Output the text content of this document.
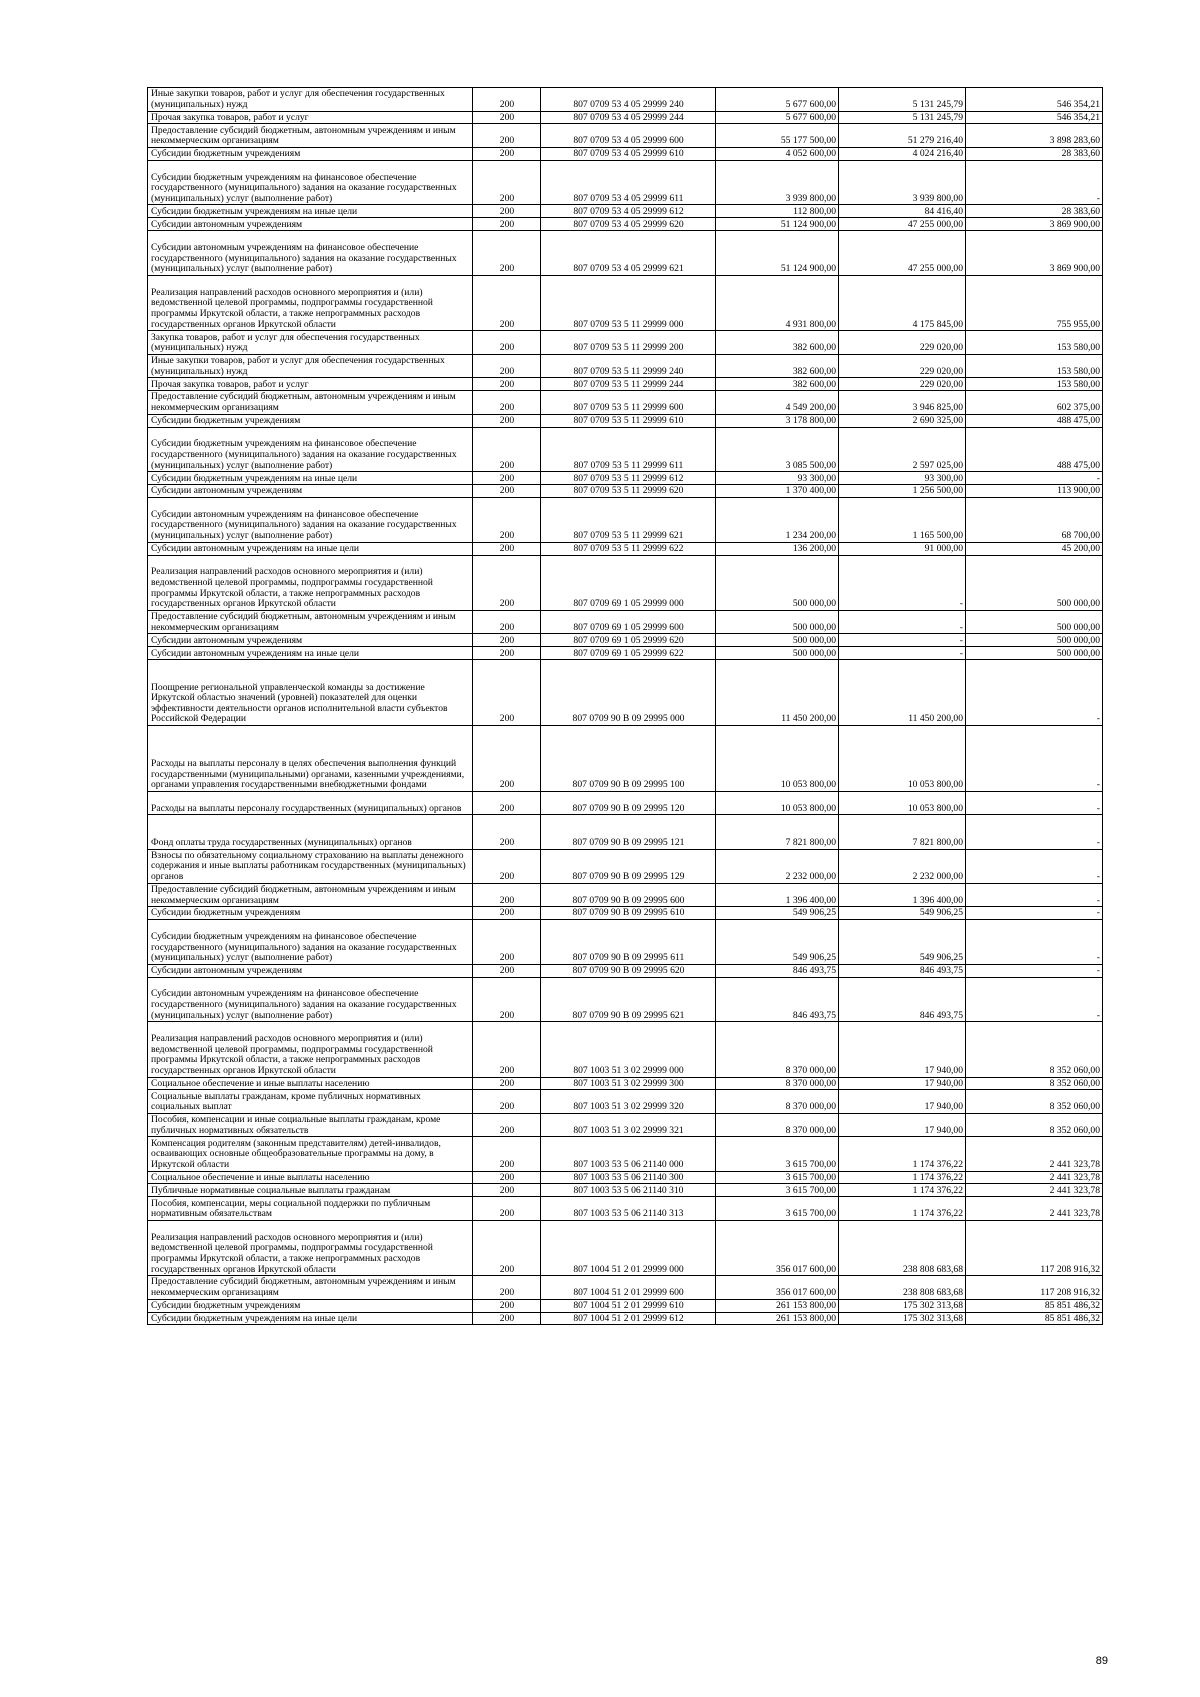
Иные закупки товаров, работ и услуг для обеспечения государственных (муниципальных) нужд	200	807 0709 53 4 05 29999 240	5 677 600,00	5 131 245,79	546 354,21
Прочая закупка товаров, работ и услуг	200	807 0709 53 4 05 29999 244	5 677 600,00	5 131 245,79	546 354,21
Предоставление субсидий бюджетным, автономным учреждениям и иным некоммерческим организациям	200	807 0709 53 4 05 29999 600	55 177 500,00	51 279 216,40	3 898 283,60
Субсидии бюджетным учреждениям	200	807 0709 53 4 05 29999 610	4 052 600,00	4 024 216,40	28 383,60
Субсидии бюджетным учреждениям на финансовое обеспечение государственного (муниципального) задания на оказание государственных (муниципальных) услуг (выполнение работ)	200	807 0709 53 4 05 29999 611	3 939 800,00	3 939 800,00	-
Субсидии бюджетным учреждениям на иные цели	200	807 0709 53 4 05 29999 612	112 800,00	84 416,40	28 383,60
Субсидии автономным учреждениям	200	807 0709 53 4 05 29999 620	51 124 900,00	47 255 000,00	3 869 900,00
Субсидии автономным учреждениям на финансовое обеспечение государственного (муниципального) задания на оказание государственных (муниципальных) услуг (выполнение работ)	200	807 0709 53 4 05 29999 621	51 124 900,00	47 255 000,00	3 869 900,00
Реализация направлений расходов основного мероприятия и (или) ведомственной целевой программы, подпрограммы государственной программы Иркутской области, а также непрограммных расходов государственных органов Иркутской области	200	807 0709 53 5 11 29999 000	4 931 800,00	4 175 845,00	755 955,00
Закупка товаров, работ и услуг для обеспечения государственных (муниципальных) нужд	200	807 0709 53 5 11 29999 200	382 600,00	229 020,00	153 580,00
Иные закупки товаров, работ и услуг для обеспечения государственных (муниципальных) нужд	200	807 0709 53 5 11 29999 240	382 600,00	229 020,00	153 580,00
Прочая закупка товаров, работ и услуг	200	807 0709 53 5 11 29999 244	382 600,00	229 020,00	153 580,00
Предоставление субсидий бюджетным, автономным учреждениям и иным некоммерческим организациям	200	807 0709 53 5 11 29999 600	4 549 200,00	3 946 825,00	602 375,00
Субсидии бюджетным учреждениям	200	807 0709 53 5 11 29999 610	3 178 800,00	2 690 325,00	488 475,00
Субсидии бюджетным учреждениям на финансовое обеспечение государственного (муниципального) задания на оказание государственных (муниципальных) услуг (выполнение работ)	200	807 0709 53 5 11 29999 611	3 085 500,00	2 597 025,00	488 475,00
Субсидии бюджетным учреждениям на иные цели	200	807 0709 53 5 11 29999 612	93 300,00	93 300,00	-
Субсидии автономным учреждениям	200	807 0709 53 5 11 29999 620	1 370 400,00	1 256 500,00	113 900,00
Субсидии автономным учреждениям на финансовое обеспечение государственного (муниципального) задания на оказание государственных (муниципальных) услуг (выполнение работ)	200	807 0709 53 5 11 29999 621	1 234 200,00	1 165 500,00	68 700,00
Субсидии автономным учреждениям на иные цели	200	807 0709 53 5 11 29999 622	136 200,00	91 000,00	45 200,00
Реализация направлений расходов основного мероприятия и (или) ведомственной целевой программы, подпрограммы государственной программы Иркутской области, а также непрограммных расходов государственных органов Иркутской области	200	807 0709 69 1 05 29999 000	500 000,00	-	500 000,00
Предоставление субсидий бюджетным, автономным учреждениям и иным некоммерческим организациям	200	807 0709 69 1 05 29999 600	500 000,00	-	500 000,00
Субсидии автономным учреждениям	200	807 0709 69 1 05 29999 620	500 000,00	-	500 000,00
Субсидии автономным учреждениям на иные цели	200	807 0709 69 1 05 29999 622	500 000,00	-	500 000,00
Поощрение региональной управленческой команды за достижение Иркутской областью значений (уровней) показателей для оценки эффективности деятельности органов исполнительной власти субъектов Российской Федерации	200	807 0709 90 В 09 29995 000	11 450 200,00	11 450 200,00	-
Расходы на выплаты персоналу в целях обеспечения выполнения функций государственными (муниципальными) органами, казенными учреждениями, органами управления государственными внебюджетными фондами	200	807 0709 90 В 09 29995 100	10 053 800,00	10 053 800,00	-
Расходы на выплаты персоналу государственных (муниципальных) органов	200	807 0709 90 В 09 29995 120	10 053 800,00	10 053 800,00	-
Фонд оплаты труда государственных (муниципальных) органов	200	807 0709 90 В 09 29995 121	7 821 800,00	7 821 800,00	-
Взносы по обязательному социальному страхованию на выплаты денежного содержания и иные выплаты работникам государственных (муниципальных) органов	200	807 0709 90 В 09 29995 129	2 232 000,00	2 232 000,00	-
Предоставление субсидий бюджетным, автономным учреждениям и иным некоммерческим организациям	200	807 0709 90 В 09 29995 600	1 396 400,00	1 396 400,00	-
Субсидии бюджетным учреждениям	200	807 0709 90 В 09 29995 610	549 906,25	549 906,25	-
Субсидии бюджетным учреждениям на финансовое обеспечение государственного (муниципального) задания на оказание государственных (муниципальных) услуг (выполнение работ)	200	807 0709 90 В 09 29995 611	549 906,25	549 906,25	-
Субсидии автономным учреждениям	200	807 0709 90 В 09 29995 620	846 493,75	846 493,75	-
Субсидии автономным учреждениям на финансовое обеспечение государственного (муниципального) задания на оказание государственных (муниципальных) услуг (выполнение работ)	200	807 0709 90 В 09 29995 621	846 493,75	846 493,75	-
Реализация направлений расходов основного мероприятия и (или) ведомственной целевой программы, подпрограммы государственной программы Иркутской области, а также непрограммных расходов государственных органов Иркутской области	200	807 1003 51 3 02 29999 000	8 370 000,00	17 940,00	8 352 060,00
Социальное обеспечение и иные выплаты населению	200	807 1003 51 3 02 29999 300	8 370 000,00	17 940,00	8 352 060,00
Социальные выплаты гражданам, кроме публичных нормативных социальных выплат	200	807 1003 51 3 02 29999 320	8 370 000,00	17 940,00	8 352 060,00
Пособия, компенсации и иные социальные выплаты гражданам, кроме публичных нормативных обязательств	200	807 1003 51 3 02 29999 321	8 370 000,00	17 940,00	8 352 060,00
Компенсация родителям (законным представителям) детей-инвалидов, осваивающих основные общеобразовательные программы на дому, в Иркутской области	200	807 1003 53 5 06 21140 000	3 615 700,00	1 174 376,22	2 441 323,78
Социальное обеспечение и иные выплаты населению	200	807 1003 53 5 06 21140 300	3 615 700,00	1 174 376,22	2 441 323,78
Публичные нормативные социальные выплаты гражданам	200	807 1003 53 5 06 21140 310	3 615 700,00	1 174 376,22	2 441 323,78
Пособия, компенсации, меры социальной поддержки по публичным нормативным обязательствам	200	807 1003 53 5 06 21140 313	3 615 700,00	1 174 376,22	2 441 323,78
Реализация направлений расходов основного мероприятия и (или) ведомственной целевой программы, подпрограммы государственной программы Иркутской области, а также непрограммных расходов государственных органов Иркутской области	200	807 1004 51 2 01 29999 000	356 017 600,00	238 808 683,68	117 208 916,32
Предоставление субсидий бюджетным, автономным учреждениям и иным некоммерческим организациям	200	807 1004 51 2 01 29999 600	356 017 600,00	238 808 683,68	117 208 916,32
Субсидии бюджетным учреждениям	200	807 1004 51 2 01 29999 610	261 153 800,00	175 302 313,68	85 851 486,32
Субсидии бюджетным учреждениям на иные цели	200	807 1004 51 2 01 29999 612	261 153 800,00	175 302 313,68	85 851 486,32
89
